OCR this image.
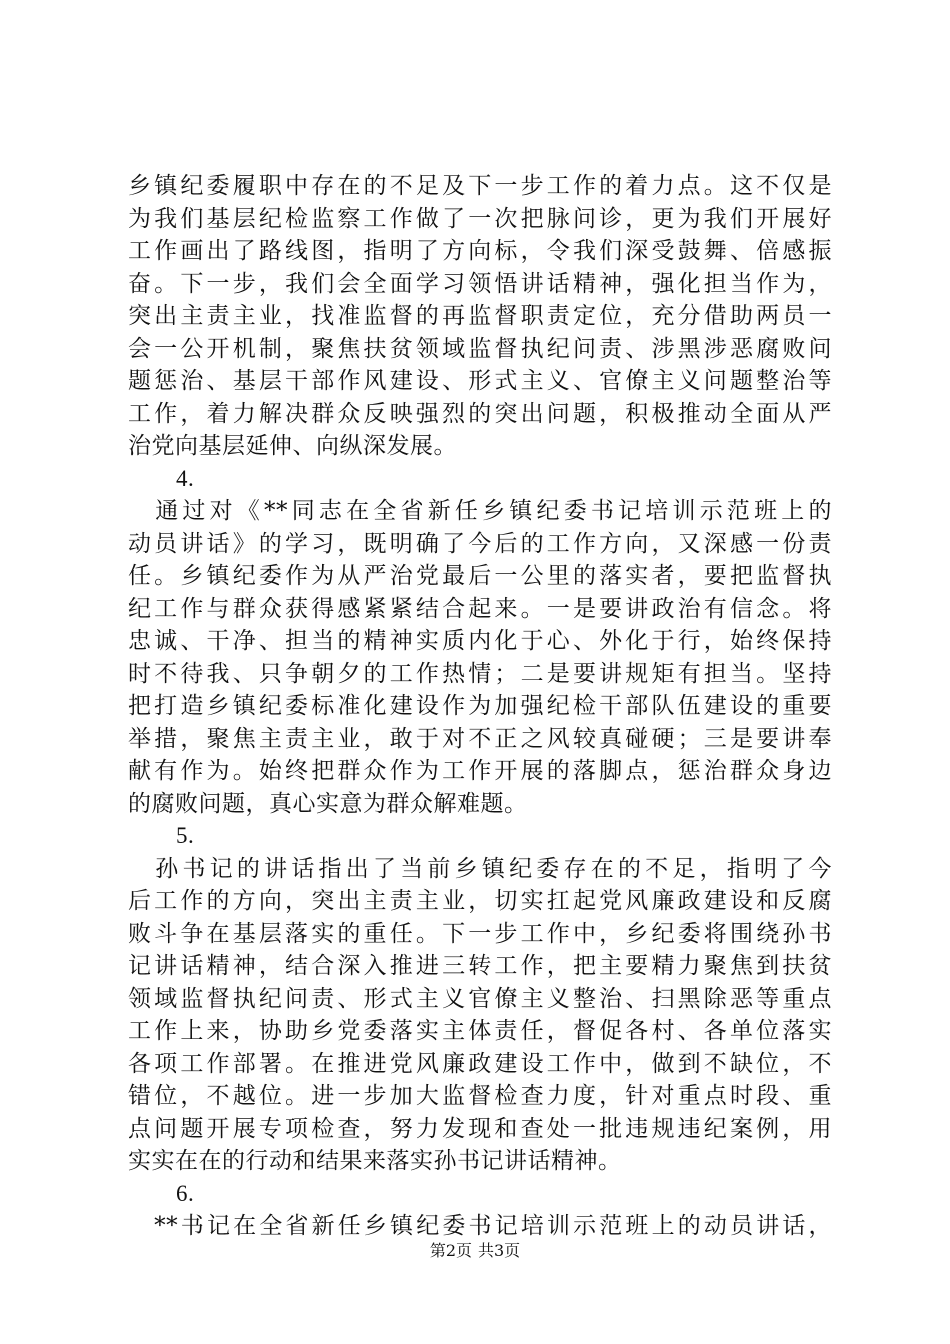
乡镇纪委履职中存在的不足及下一步工作的着力点。这不仅是
为我们基层纪检监察工作做了一次把脉问诊，更为我们开展好
工作画出了路线图，指明了方向标，令我们深受鼓舞、倍感振
奋。下一步，我们会全面学习领悟讲话精神，强化担当作为，
突出主责主业，找准监督的再监督职责定位，充分借助两员一
会一公开机制，聚焦扶贫领域监督执纪问责、涉黑涉恶腐败问
题惩治、基层干部作风建设、形式主义、官僚主义问题整治等
工作，着力解决群众反映强烈的突出问题，积极推动全面从严
治党向基层延伸、向纵深发展。
4.
　通过对《**同志在全省新任乡镇纪委书记培训示范班上的
动员讲话》的学习，既明确了今后的工作方向，又深感一份责
任。乡镇纪委作为从严治党最后一公里的落实者，要把监督执
纪工作与群众获得感紧紧结合起来。一是要讲政治有信念。将
忠诚、干净、担当的精神实质内化于心、外化于行，始终保持
时不待我、只争朝夕的工作热情；二是要讲规矩有担当。坚持
把打造乡镇纪委标准化建设作为加强纪检干部队伍建设的重要
举措，聚焦主责主业，敢于对不正之风较真碰硬；三是要讲奉
献有作为。始终把群众作为工作开展的落脚点，惩治群众身边
的腐败问题，真心实意为群众解难题。
5.
　孙书记的讲话指出了当前乡镇纪委存在的不足，指明了今
后工作的方向，突出主责主业，切实扛起党风廉政建设和反腐
败斗争在基层落实的重任。下一步工作中，乡纪委将围绕孙书
记讲话精神，结合深入推进三转工作，把主要精力聚焦到扶贫
领域监督执纪问责、形式主义官僚主义整治、扫黑除恶等重点
工作上来，协助乡党委落实主体责任，督促各村、各单位落实
各项工作部署。在推进党风廉政建设工作中，做到不缺位，不
错位，不越位。进一步加大监督检查力度，针对重点时段、重
点问题开展专项检查，努力发现和查处一批违规违纪案例，用
实实在在的行动和结果来落实孙书记讲话精神。
6.
　**书记在全省新任乡镇纪委书记培训示范班上的动员讲话，
第2页 共3页
